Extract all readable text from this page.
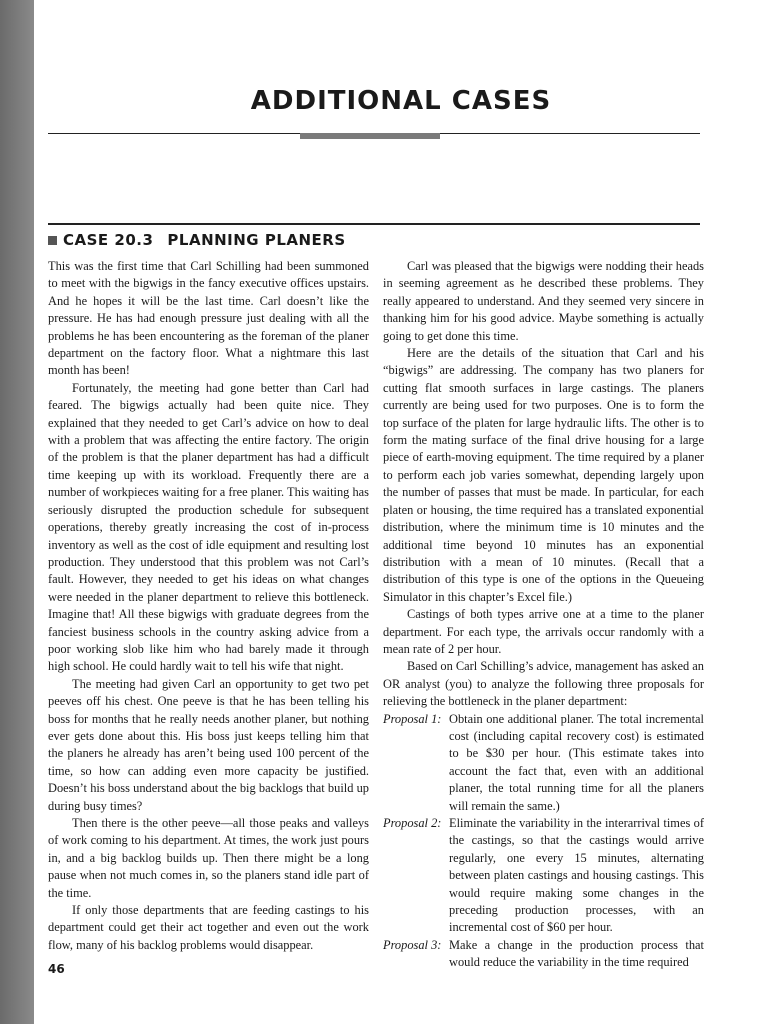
ADDITIONAL CASES
CASE 20.3 PLANNING PLANERS

This was the first time that Carl Schilling had been summoned to meet with the bigwigs in the fancy executive offices upstairs. And he hopes it will be the last time. Carl doesn’t like the pressure. He has had enough pressure just dealing with all the problems he has been encountering as the foreman of the planer department on the factory floor. What a nightmare this last month has been!

Fortunately, the meeting had gone better than Carl had feared. The bigwigs actually had been quite nice. They explained that they needed to get Carl’s advice on how to deal with a problem that was affecting the entire factory. The origin of the problem is that the planer department has had a difficult time keeping up with its workload. Frequently there are a number of workpieces waiting for a free planer. This waiting has seriously disrupted the production schedule for subsequent operations, thereby greatly increasing the cost of in-process inventory as well as the cost of idle equipment and resulting lost production. They understood that this problem was not Carl’s fault. However, they needed to get his ideas on what changes were needed in the planer department to relieve this bottleneck. Imagine that! All these bigwigs with graduate degrees from the fanciest business schools in the country asking advice from a poor working slob like him who had barely made it through high school. He could hardly wait to tell his wife that night.

The meeting had given Carl an opportunity to get two pet peeves off his chest. One peeve is that he has been telling his boss for months that he really needs another planer, but nothing ever gets done about this. His boss just keeps telling him that the planers he already has aren’t being used 100 percent of the time, so how can adding even more capacity be justified. Doesn’t his boss understand about the big backlogs that build up during busy times?

Then there is the other peeve—all those peaks and valleys of work coming to his department. At times, the work just pours in, and a big backlog builds up. Then there might be a long pause when not much comes in, so the planers stand idle part of the time.

If only those departments that are feeding castings to his department could get their act together and even out the work flow, many of his backlog problems would disappear.

Carl was pleased that the bigwigs were nodding their heads in seeming agreement as he described these problems. They really appeared to understand. And they seemed very sincere in thanking him for his good advice. Maybe something is actually going to get done this time.

Here are the details of the situation that Carl and his “bigwigs” are addressing. The company has two planers for cutting flat smooth surfaces in large castings. The planers currently are being used for two purposes. One is to form the top surface of the platen for large hydraulic lifts. The other is to form the mating surface of the final drive housing for a large piece of earth-moving equipment. The time required by a planer to perform each job varies somewhat, depending largely upon the number of passes that must be made. In particular, for each platen or housing, the time required has a translated exponential distribution, where the minimum time is 10 minutes and the additional time beyond 10 minutes has an exponential distribution with a mean of 10 minutes. (Recall that a distribution of this type is one of the options in the Queueing Simulator in this chapter’s Excel file.)

Castings of both types arrive one at a time to the planer department. For each type, the arrivals occur randomly with a mean rate of 2 per hour.

Based on Carl Schilling’s advice, management has asked an OR analyst (you) to analyze the following three proposals for relieving the bottleneck in the planer department:

Proposal 1: Obtain one additional planer. The total incremental cost (including capital recovery cost) is estimated to be $30 per hour. (This estimate takes into account the fact that, even with an additional planer, the total running time for all the planers will remain the same.)
Proposal 2: Eliminate the variability in the interarrival times of the castings, so that the castings would arrive regularly, one every 15 minutes, alternating between platen castings and housing castings. This would require making some changes in the preceding production processes, with an incremental cost of $60 per hour.
Proposal 3: Make a change in the production process that would reduce the variability in the time required
46
